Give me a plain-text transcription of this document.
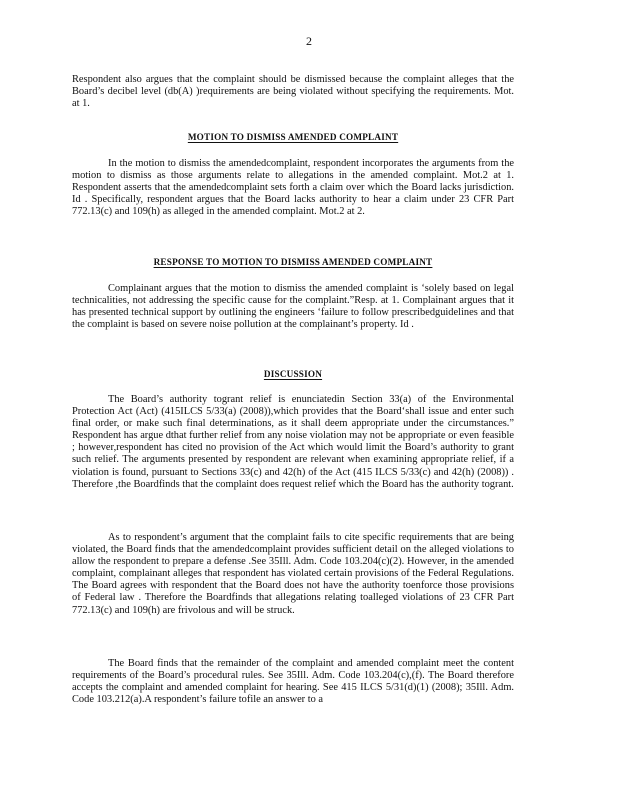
2
Respondent also argues that the complaint should be dismissed because the complaint alleges that the Board’s decibel level (db(A) )requirements are being violated without specifying the requirements. Mot. at 1.
MOTION TO DISMISS AMENDED COMPLAINT
In the motion to dismiss the amendedcomplaint, respondent incorporates the arguments from the motion to dismiss as those arguments relate to allegations in the amended complaint. Mot.2 at 1. Respondent asserts that the amendedcomplaint sets forth a claim over which the Board lacks jurisdiction. Id . Specifically, respondent argues that the Board lacks authority to hear a claim under 23 CFR Part 772.13(c) and 109(h) as alleged in the amended complaint. Mot.2 at 2.
RESPONSE TO MOTION TO DISMISS AMENDED COMPLAINT
Complainant argues that the motion to dismiss the amended complaint is ‘solely based on legal technicalities, not addressing the specific cause for the complaint.”Resp. at 1. Complainant argues that it has presented technical support by outlining the engineers ‘failure to follow prescribedguidelines and that the complaint is based on severe noise pollution at the complainant’s property. Id .
DISCUSSION
The Board’s authority togrant relief is enunciatedin Section 33(a) of the Environmental Protection Act (Act) (415ILCS 5/33(a) (2008)),which provides that the Board‘shall issue and enter such final order, or make such final determinations, as it shall deem appropriate under the circumstances.” Respondent has argue dthat further relief from any noise violation may not be appropriate or even feasible ; however,respondent has cited no provision of the Act which would limit the Board’s authority to grant such relief. The arguments presented by respondent are relevant when examining appropriate relief, if a violation is found, pursuant to Sections 33(c) and 42(h) of the Act (415 ILCS 5/33(c) and 42(h) (2008)) . Therefore ,the Boardfinds that the complaint does request relief which the Board has the authority togrant.
As to respondent’s argument that the complaint fails to cite specific requirements that are being violated, the Board finds that the amendedcomplaint provides sufficient detail on the alleged violations to allow the respondent to prepare a defense .See 35Ill. Adm. Code 103.204(c)(2). However, in the amended complaint, complainant alleges that respondent has violated certain provisions of the Federal Regulations. The Board agrees with respondent that the Board does not have the authority toenforce those provisions of Federal law . Therefore the Boardfinds that allegations relating toalleged violations of 23 CFR Part 772.13(c) and 109(h) are frivolous and will be struck.
The Board finds that the remainder of the complaint and amended complaint meet the content requirements of the Board’s procedural rules. See 35Ill. Adm. Code 103.204(c),(f). The Board therefore accepts the complaint and amended complaint for hearing. See 415 ILCS 5/31(d)(1) (2008); 35Ill. Adm. Code 103.212(a).A respondent’s failure tofile an answer to a
